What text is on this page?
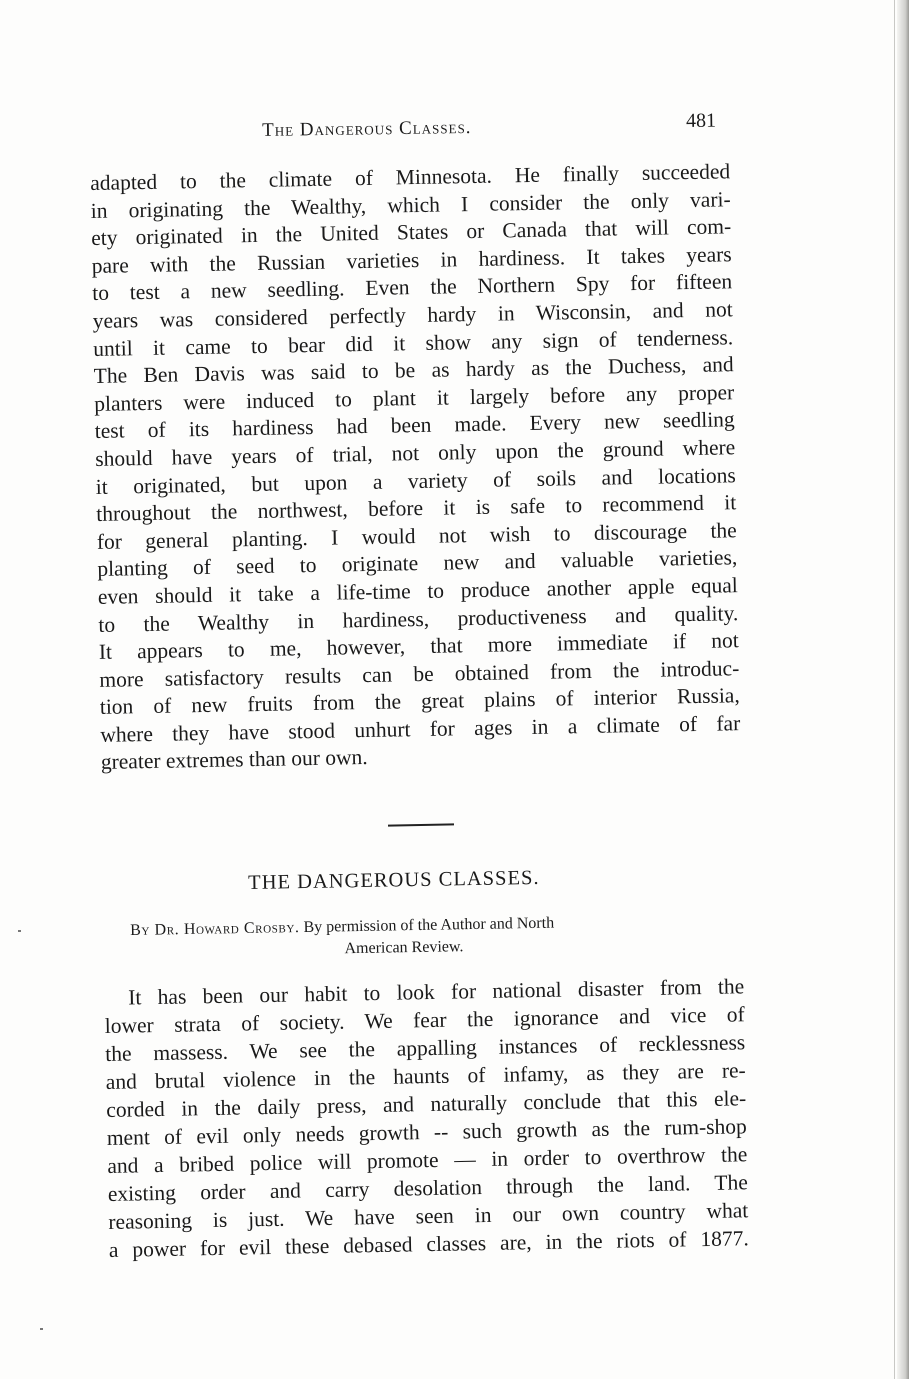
The Dangerous Classes.	481
adapted to the climate of Minnesota. He finally succeeded
in originating the Wealthy, which I consider the only vari-
ety originated in the United States or Canada that will com-
pare with the Russian varieties in hardiness. It takes years
to test a new seedling. Even the Northern Spy for fifteen
years was considered perfectly hardy in Wisconsin, and not
until it came to bear did it show any sign of tenderness.
The Ben Davis was said to be as hardy as the Duchess, and
planters were induced to plant it largely before any proper
test of its hardiness had been made. Every new seedling
should have years of trial, not only upon the ground where
it originated, but upon a variety of soils and locations
throughout the northwest, before it is safe to recommend it
for general planting. I would not wish to discourage the
planting of seed to originate new and valuable varieties,
even should it take a life-time to produce another apple equal
to the Wealthy in hardiness, productiveness and quality.
It appears to me, however, that more immediate if not
more satisfactory results can be obtained from the introduc-
tion of new fruits from the great plains of interior Russia,
where they have stood unhurt for ages in a climate of far
greater extremes than our own.
THE DANGEROUS CLASSES.
By Dr. Howard Crosby. By permission of the Author and North
American Review.
It has been our habit to look for national disaster from the
lower strata of society. We fear the ignorance and vice of
the massess. We see the appalling instances of recklessness
and brutal violence in the haunts of infamy, as they are re-
corded in the daily press, and naturally conclude that this ele-
ment of evil only needs growth -- such growth as the rum-shop
and a bribed police will promote — in order to overthrow the
existing order and carry desolation through the land. The
reasoning is just. We have seen in our own country what
a power for evil these debased classes are, in the riots of 1877.
